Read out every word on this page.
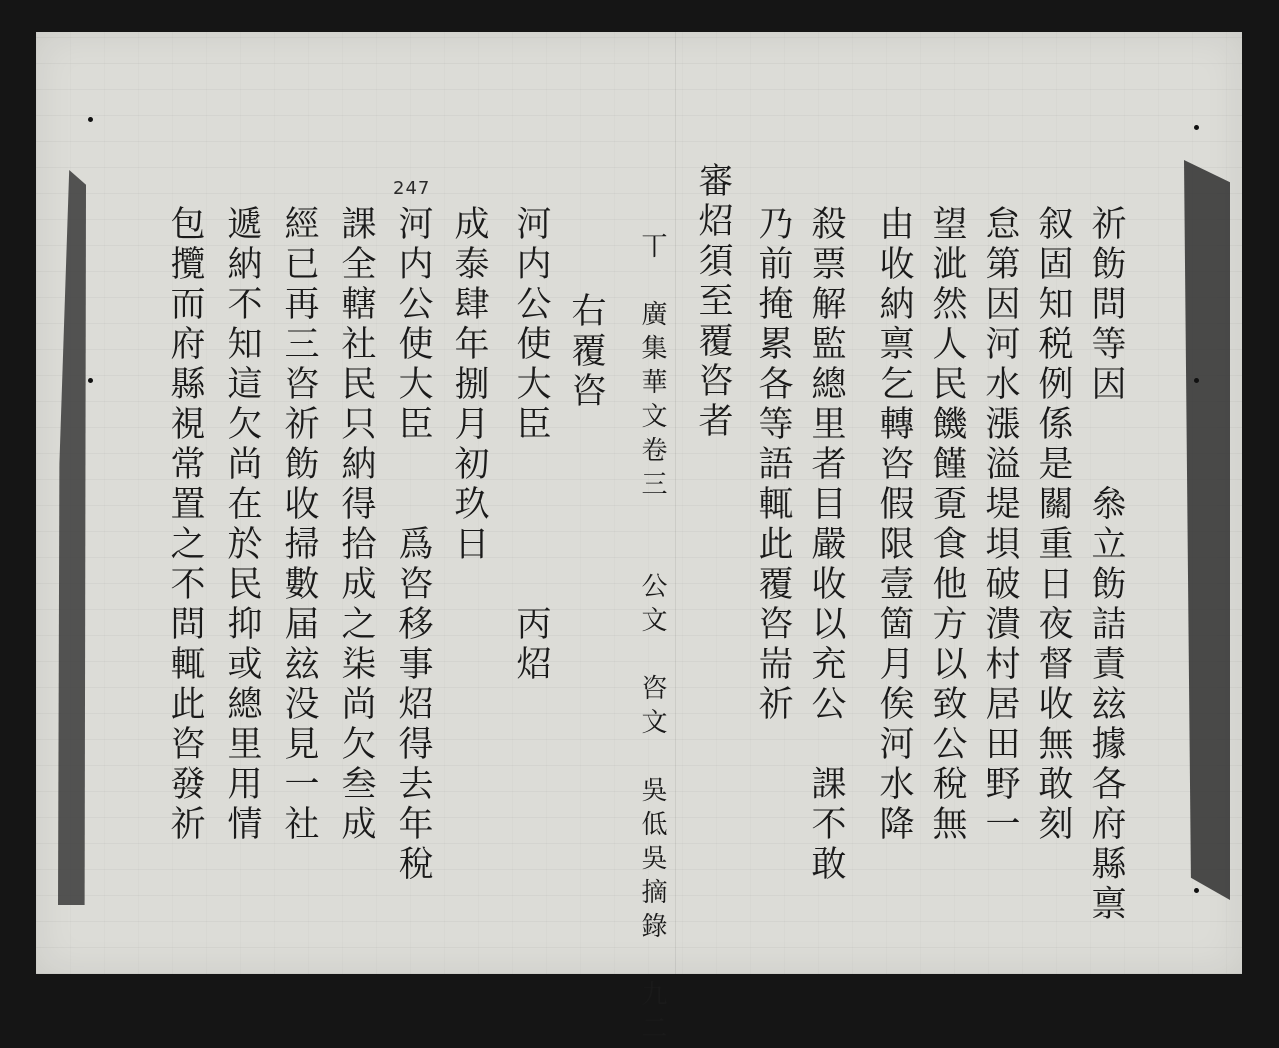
247
祈飭問等因　　叅立飭詰責玆據各府縣禀
叙固知税例係是關重日夜督收無敢刻
怠第因河水漲溢堤垻破潰村居田野一
望泚然人民饑饉覔食他方以致公稅無
由收納禀乞轉咨假限壹箇月俟河水降
殺票解監總里者目嚴收以充公　課不敢
乃前掩累各等語輒此覆咨耑祈
審炤須至覆咨者
丅　廣集華文卷三　　公文　咨文　吳低吳摘錄　九二
右覆咨
河内公使大臣　　　　丙炤
成泰肆年捌月初玖日
河内公使大臣　　爲咨移事炤得去年稅
課全轄社民只納得拾成之柒尚欠叁成
經已再三咨祈飭收掃數届玆没見一社
遞納不知這欠尚在於民抑或總里用情
包攬而府縣視常置之不問輒此咨發祈
